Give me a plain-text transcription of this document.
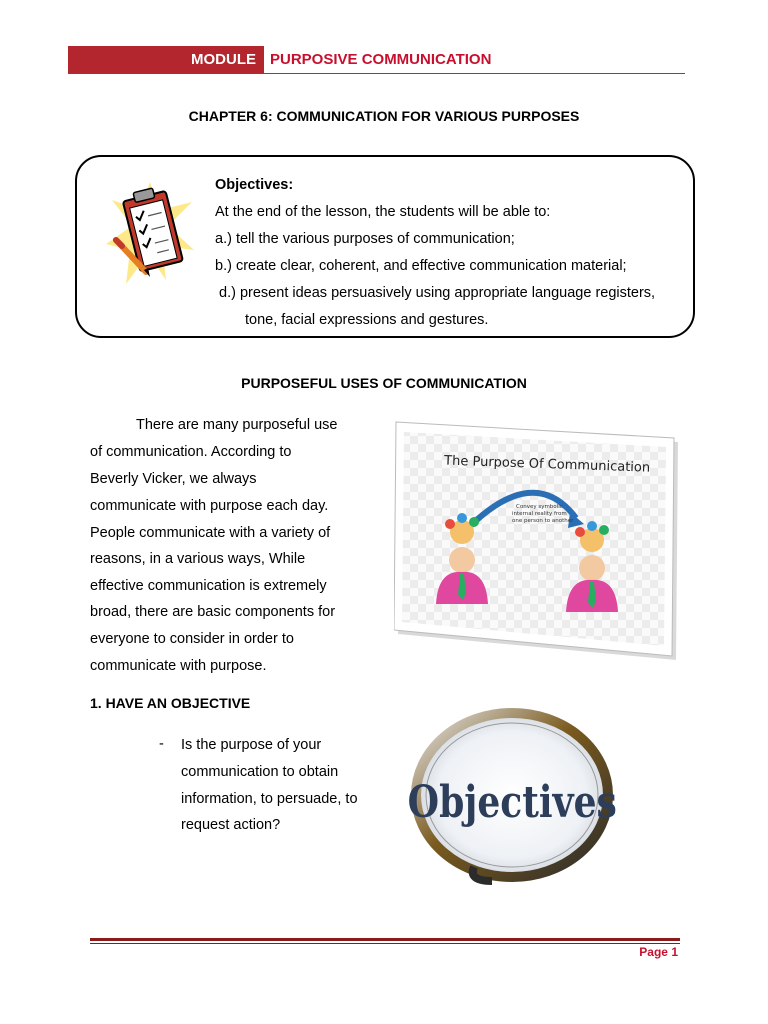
MODULE PURPOSIVE COMMUNICATION
CHAPTER 6: COMMUNICATION FOR VARIOUS PURPOSES
Objectives:
At the end of the lesson, the students will be able to:
a.) tell the various purposes of communication;
b.) create clear, coherent, and effective communication material;
d.) present ideas persuasively using appropriate language registers,
tone, facial expressions and gestures.
PURPOSEFUL USES OF COMMUNICATION
There are many purposeful use
of communication. According to
Beverly Vicker, we always
communicate with purpose each day.
People communicate with a variety of
reasons, in a various ways, While
effective communication is extremely
broad, there are basic components for
everyone to consider in order to
communicate with purpose.
The Purpose Of Communication
Convey symbolic
internal reality from
one person to another
1. HAVE AN OBJECTIVE
- Is the purpose of your
communication to obtain
information, to persuade, to
request action?	Objectives
Page 1
